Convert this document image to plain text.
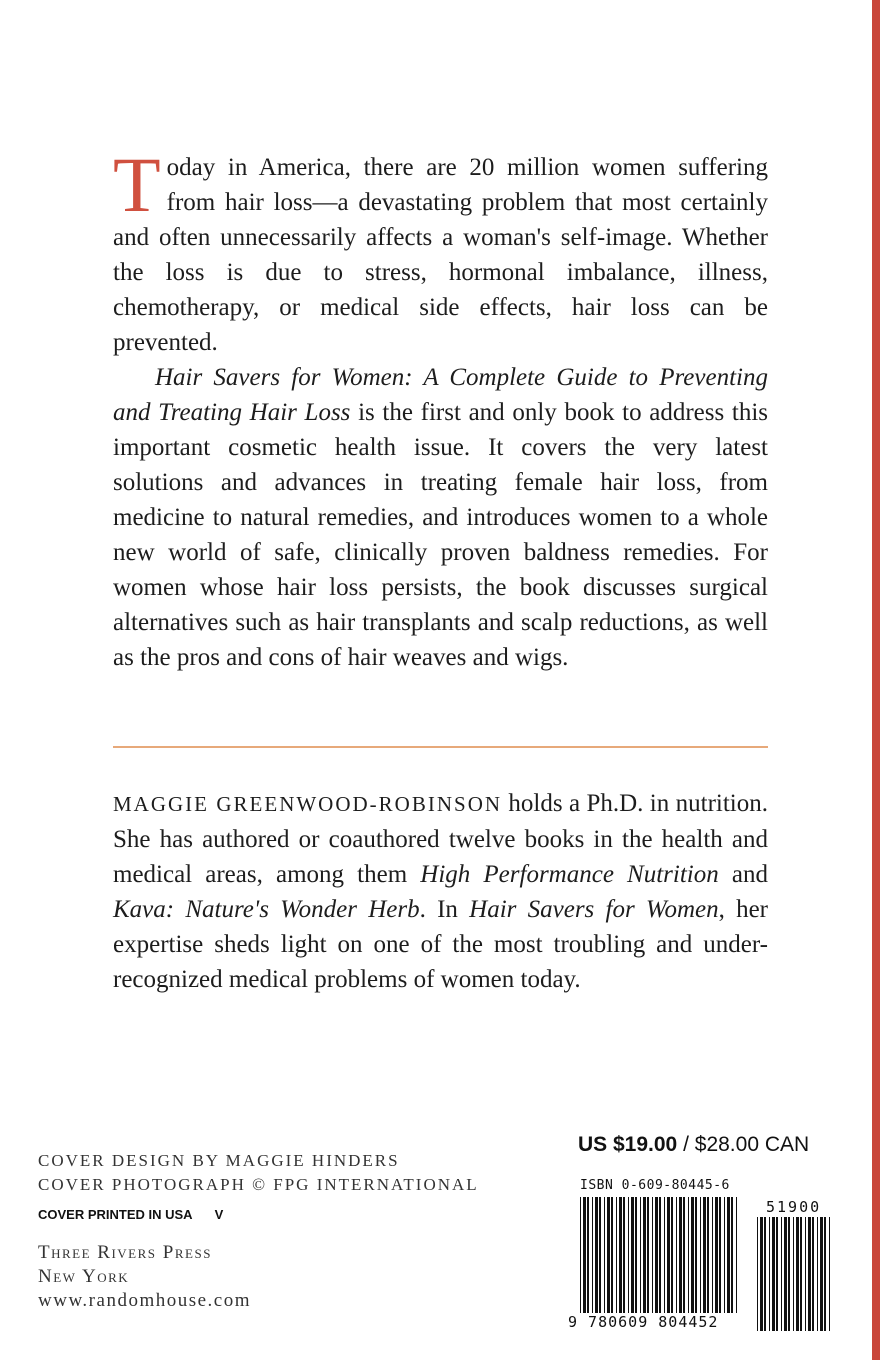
Today in America, there are 20 million women suffering from hair loss—a devastating problem that most certainly and often unnecessarily affects a woman's self-image. Whether the loss is due to stress, hormonal imbalance, illness, chemotherapy, or medical side effects, hair loss can be prevented.

Hair Savers for Women: A Complete Guide to Preventing and Treating Hair Loss is the first and only book to address this important cosmetic health issue. It covers the very latest solutions and advances in treating female hair loss, from medicine to natural remedies, and introduces women to a whole new world of safe, clinically proven baldness remedies. For women whose hair loss persists, the book discusses surgical alternatives such as hair transplants and scalp reductions, as well as the pros and cons of hair weaves and wigs.

MAGGIE GREENWOOD-ROBINSON holds a Ph.D. in nutrition. She has authored or coauthored twelve books in the health and medical areas, among them High Performance Nutrition and Kava: Nature's Wonder Herb. In Hair Savers for Women, her expertise sheds light on one of the most troubling and under-recognized medical problems of women today.

COVER DESIGN BY MAGGIE HINDERS
COVER PHOTOGRAPH © FPG INTERNATIONAL
COVER PRINTED IN USA V
Three Rivers Press
New York
www.randomhouse.com
US $19.00 / $28.00 CAN
ISBN 0-609-80445-6
9 780609 804452
51900
